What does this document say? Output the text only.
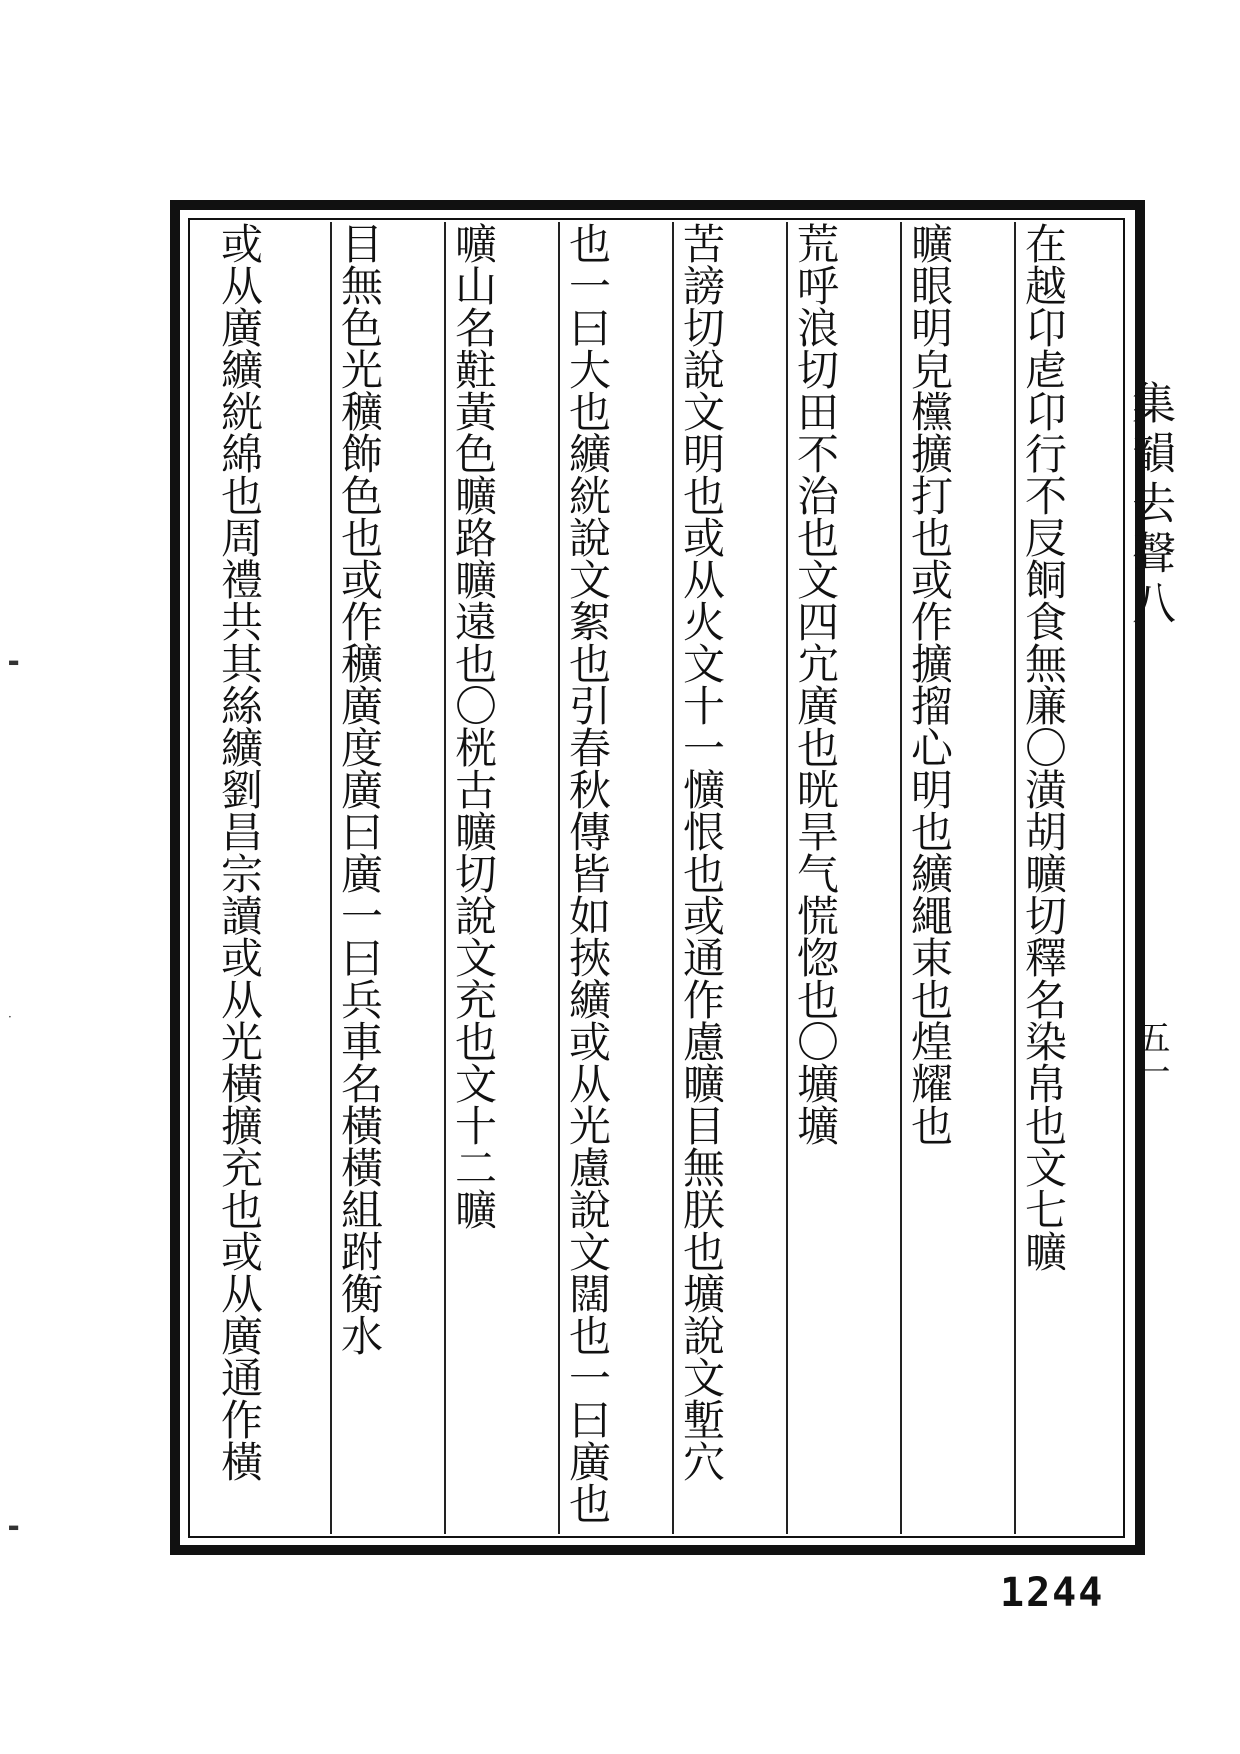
在越卬䖈卬行不㞋餇食無廉〇潢胡曠切釋名染帛也文七曠
曠眼明皃欓擴打也或作擴㨨心明也纊繩束也煌耀也
荒呼浪切田不治也文四宂廣也晄旱气慌惚也〇壙壙
苦謗切說文明也或从火文十一懭恨也或通作慮曠目無朕也壙說文塹穴
也一曰大也纊絖說文絮也引春秋傳皆如挾纊或从光慮說文闊也一曰廣也
嚝山名黈黃色曠路曠遠也〇桄古曠切說文充也文十二曠
目無色光穬飾色也或作穬廣度廣曰廣一曰兵車名橫橫組跗衡水
或从廣纊絖綿也周禮共其絲纊劉昌宗讀或从光橫擴充也或从廣通作橫	集韻去聲八
五一
1244
▬
·
▬
